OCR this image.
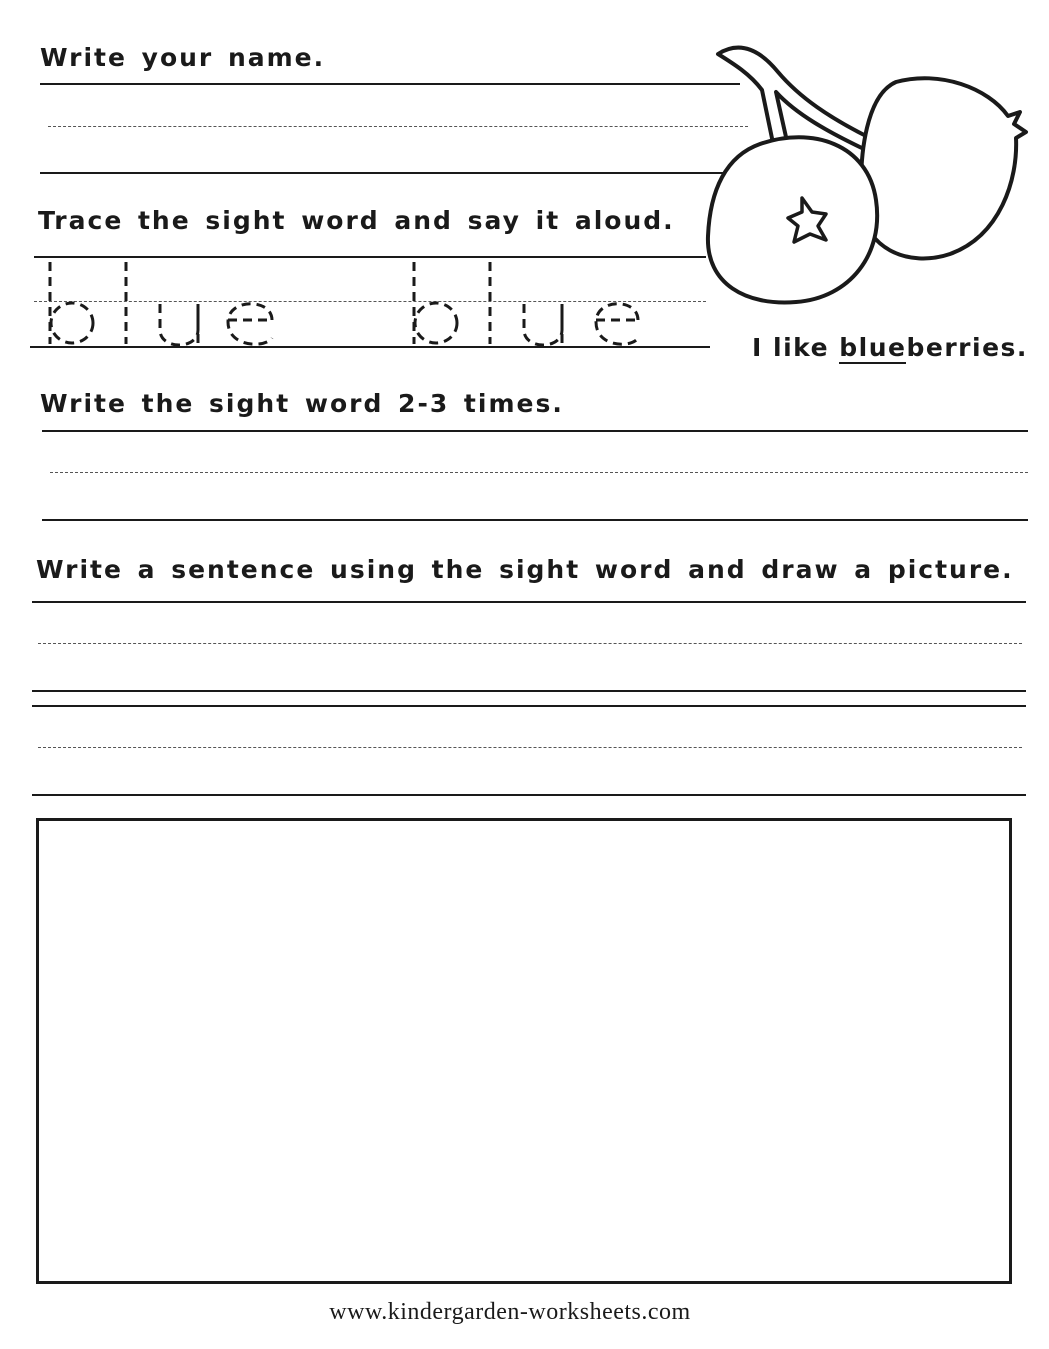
Write your name.
Trace the sight word and say it aloud.
I like blueberries.
Write the sight word 2-3 times.
Write a sentence using the sight word and draw a picture.
www.kindergarden-worksheets.com
